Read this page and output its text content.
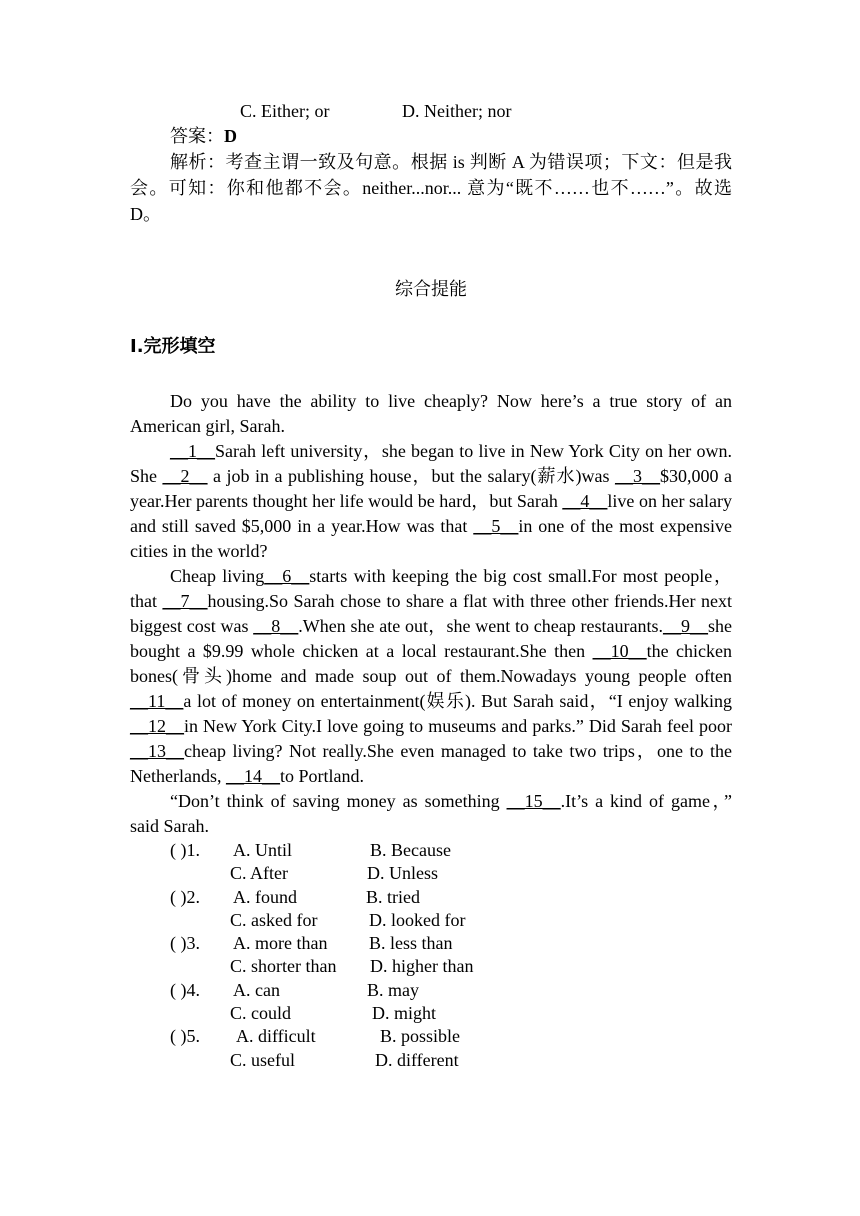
C. Either; or	D. Neither; nor
答案：D

解析：考查主谓一致及句意。根据 is 判断 A 为错误项；下文：但是我会。可知：你和他都不会。neither...nor... 意为“既不……也不……”。故选 D。

综合提能
Ⅰ.完形填空

Do you have the ability to live cheaply? Now here’s a true story of an American girl, Sarah.

__1__Sarah left university，she began to live in New York City on her own. She __2__ a job in a publishing house，but the salary(薪水)was __3__$30,000 a year.Her parents thought her life would be hard，but Sarah __4__live on her salary and still saved $5,000 in a year.How was that __5__in one of the most expensive cities in the world?

Cheap living__6__starts with keeping the big cost small.For most people，that __7__housing.So Sarah chose to share a flat with three other friends.Her next biggest cost was __8__.When she ate out，she went to cheap restaurants.__9__she bought a $9.99 whole chicken at a local restaurant.She then __10__the chicken bones(骨头)home and made soup out of them.Nowadays young people often __11__a lot of money on entertainment(娱乐). But Sarah said，“I enjoy walking __12__in New York City.I love going to museums and parks.” Did Sarah feel poor __13__cheap living? Not really.She even managed to take two trips，one to the Netherlands, __14__to Portland.

“Don’t think of saving money as something __15__.It’s a kind of game，” said Sarah.

( )1. A. Until	B. Because
C. After	D. Unless
( )2. A. found	B. tried
C. asked for	D. looked for
( )3. A. more than B. less than
C. shorter than D. higher than
( )4. A. can	B. may
C. could	D. might
( )5. A. difficult	B. possible
C. useful	D. different
